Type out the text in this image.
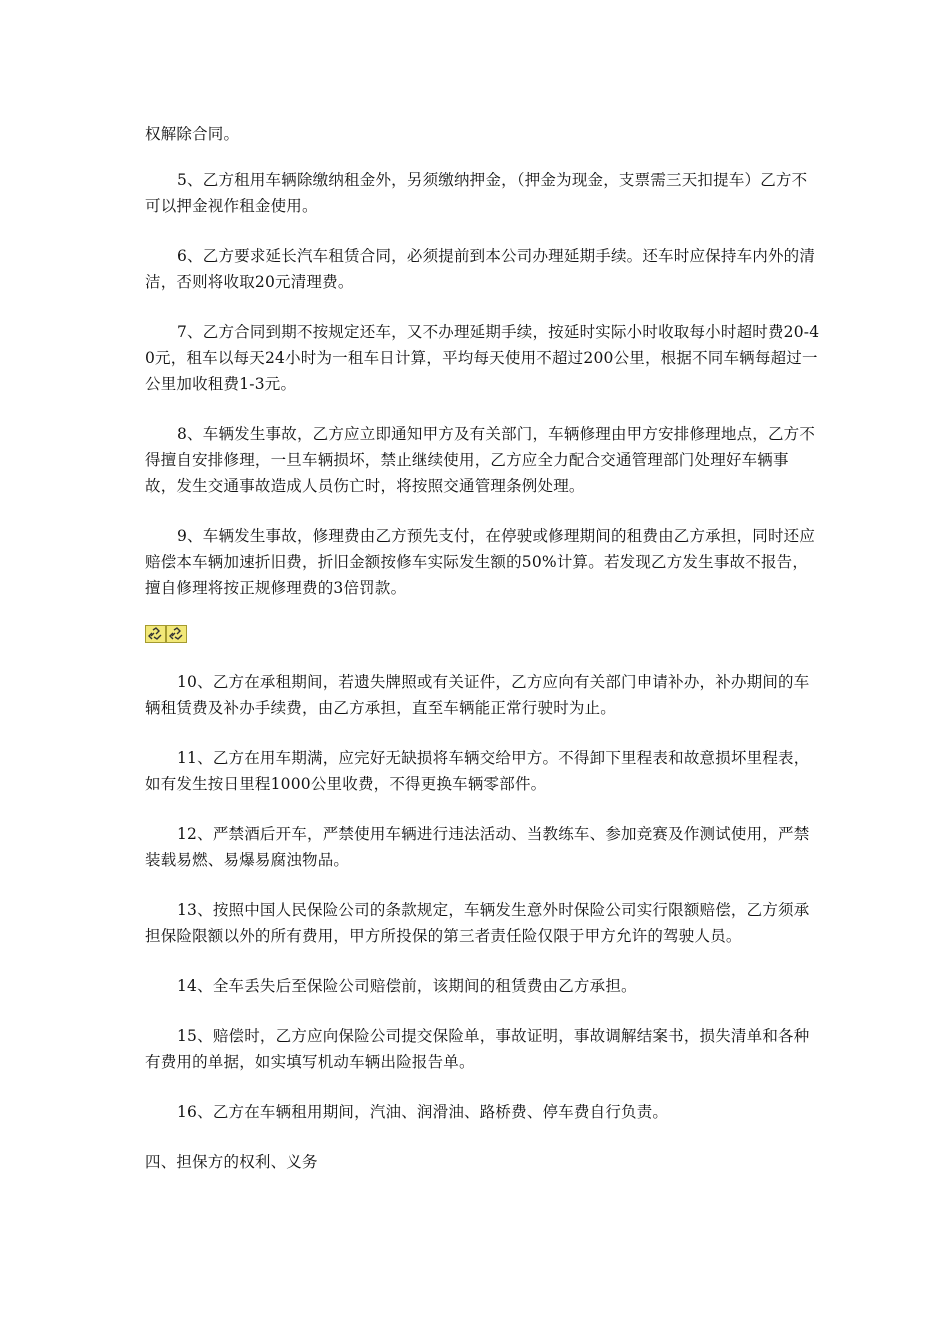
权解除合同。

5、乙方租用车辆除缴纳租金外，另须缴纳押金，（押金为现金，支票需三天扣提车）乙方不可以押金视作租金使用。

6、乙方要求延长汽车租赁合同，必须提前到本公司办理延期手续。还车时应保持车内外的清洁，否则将收取20元清理费。

7、乙方合同到期不按规定还车，又不办理延期手续，按延时实际小时收取每小时超时费20-40元，租车以每天24小时为一租车日计算，平均每天使用不超过200公里，根据不同车辆每超过一公里加收租费1-3元。

8、车辆发生事故，乙方应立即通知甲方及有关部门，车辆修理由甲方安排修理地点，乙方不得擅自安排修理，一旦车辆损坏，禁止继续使用，乙方应全力配合交通管理部门处理好车辆事故，发生交通事故造成人员伤亡时，将按照交通管理条例处理。

9、车辆发生事故，修理费由乙方预先支付，在停驶或修理期间的租费由乙方承担，同时还应赔偿本车辆加速折旧费，折旧金额按修车实际发生额的50%计算。若发现乙方发生事故不报告，擅自修理将按正规修理费的3倍罚款。

10、乙方在承租期间，若遗失牌照或有关证件，乙方应向有关部门申请补办，补办期间的车辆租赁费及补办手续费，由乙方承担，直至车辆能正常行驶时为止。

11、乙方在用车期满，应完好无缺损将车辆交给甲方。不得卸下里程表和故意损坏里程表，如有发生按日里程1000公里收费，不得更换车辆零部件。

12、严禁酒后开车，严禁使用车辆进行违法活动、当教练车、参加竞赛及作测试使用，严禁装载易燃、易爆易腐浊物品。

13、按照中国人民保险公司的条款规定，车辆发生意外时保险公司实行限额赔偿，乙方须承担保险限额以外的所有费用，甲方所投保的第三者责任险仅限于甲方允许的驾驶人员。

14、全车丢失后至保险公司赔偿前，该期间的租赁费由乙方承担。

15、赔偿时，乙方应向保险公司提交保险单，事故证明，事故调解结案书，损失清单和各种有费用的单据，如实填写机动车辆出险报告单。

16、乙方在车辆租用期间，汽油、润滑油、路桥费、停车费自行负责。

四、担保方的权利、义务
